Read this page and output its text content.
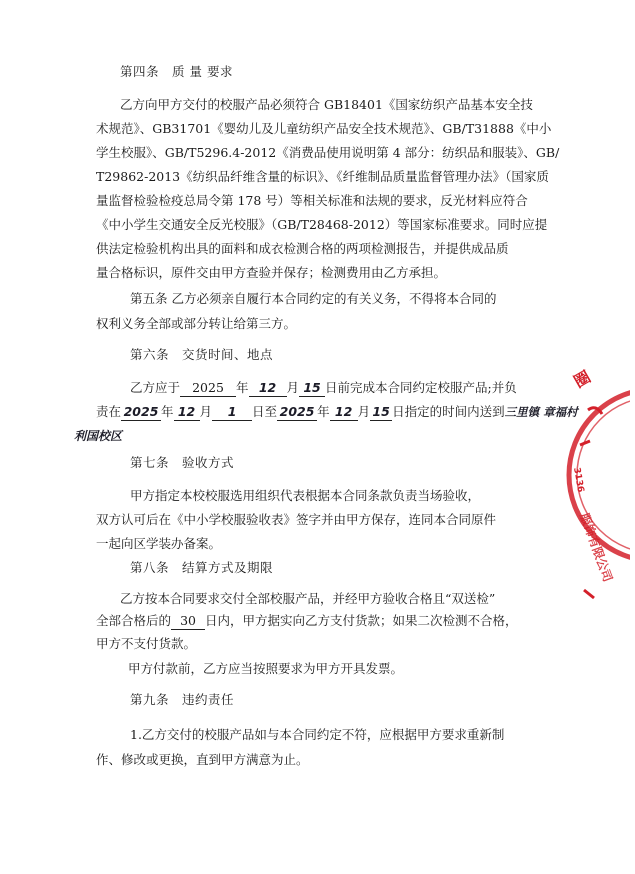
第四条　质 量 要求
乙方向甲方交付的校服产品必须符合 GB18401《国家纺织产品基本安全技
术规范》、GB31701《婴幼儿及儿童纺织产品安全技术规范》、GB/T31888《中小
学生校服》、GB/T5296.4-2012《消费品使用说明第 4 部分：纺织品和服装》、GB/
T29862-2013《纺织品纤维含量的标识》、《纤维制品质量监督管理办法》（国家质
量监督检验检疫总局令第 178 号）等相关标准和法规的要求，反光材料应符合
《中小学生交通安全反光校服》（GB/T28468-2012）等国家标准要求。同时应提
供法定检验机构出具的面料和成衣检测合格的两项检测报告，并提供成品质
量合格标识，原件交由甲方查验并保存；检测费用由乙方承担。
第五条 乙方必须亲自履行本合同约定的有关义务，不得将本合同的
权利义务全部或部分转让给第三方。
第六条　交货时间、地点
乙方应于 2025 年 12 月 15 日前完成本合同约定校服产品;并负
责在 2025 年 12 月 1 日至 2025 年 12 月 15 日指定的时间内送到三里镇 章福村
利国校区
第七条　验收方式
甲方指定本校校服选用组织代表根据本合同条款负责当场验收，
双方认可后在《中小学校服验收表》签字并由甲方保存，连同本合同原件
一起向区学装办备案。
第八条　结算方式及期限
乙方按本合同要求交付全部校服产品，并经甲方验收合格且“双送检”
全部合格后的 30 日内，甲方据实向乙方支付货款；如果二次检测不合格，
甲方不支付货款。
甲方付款前，乙方应当按照要求为甲方开具发票。
第九条　违约责任
1.乙方交付的校服产品如与本合同约定不符，应根据甲方要求重新制
作、修改或更换，直到甲方满意为止。
圈
3136
服饰有限公司
